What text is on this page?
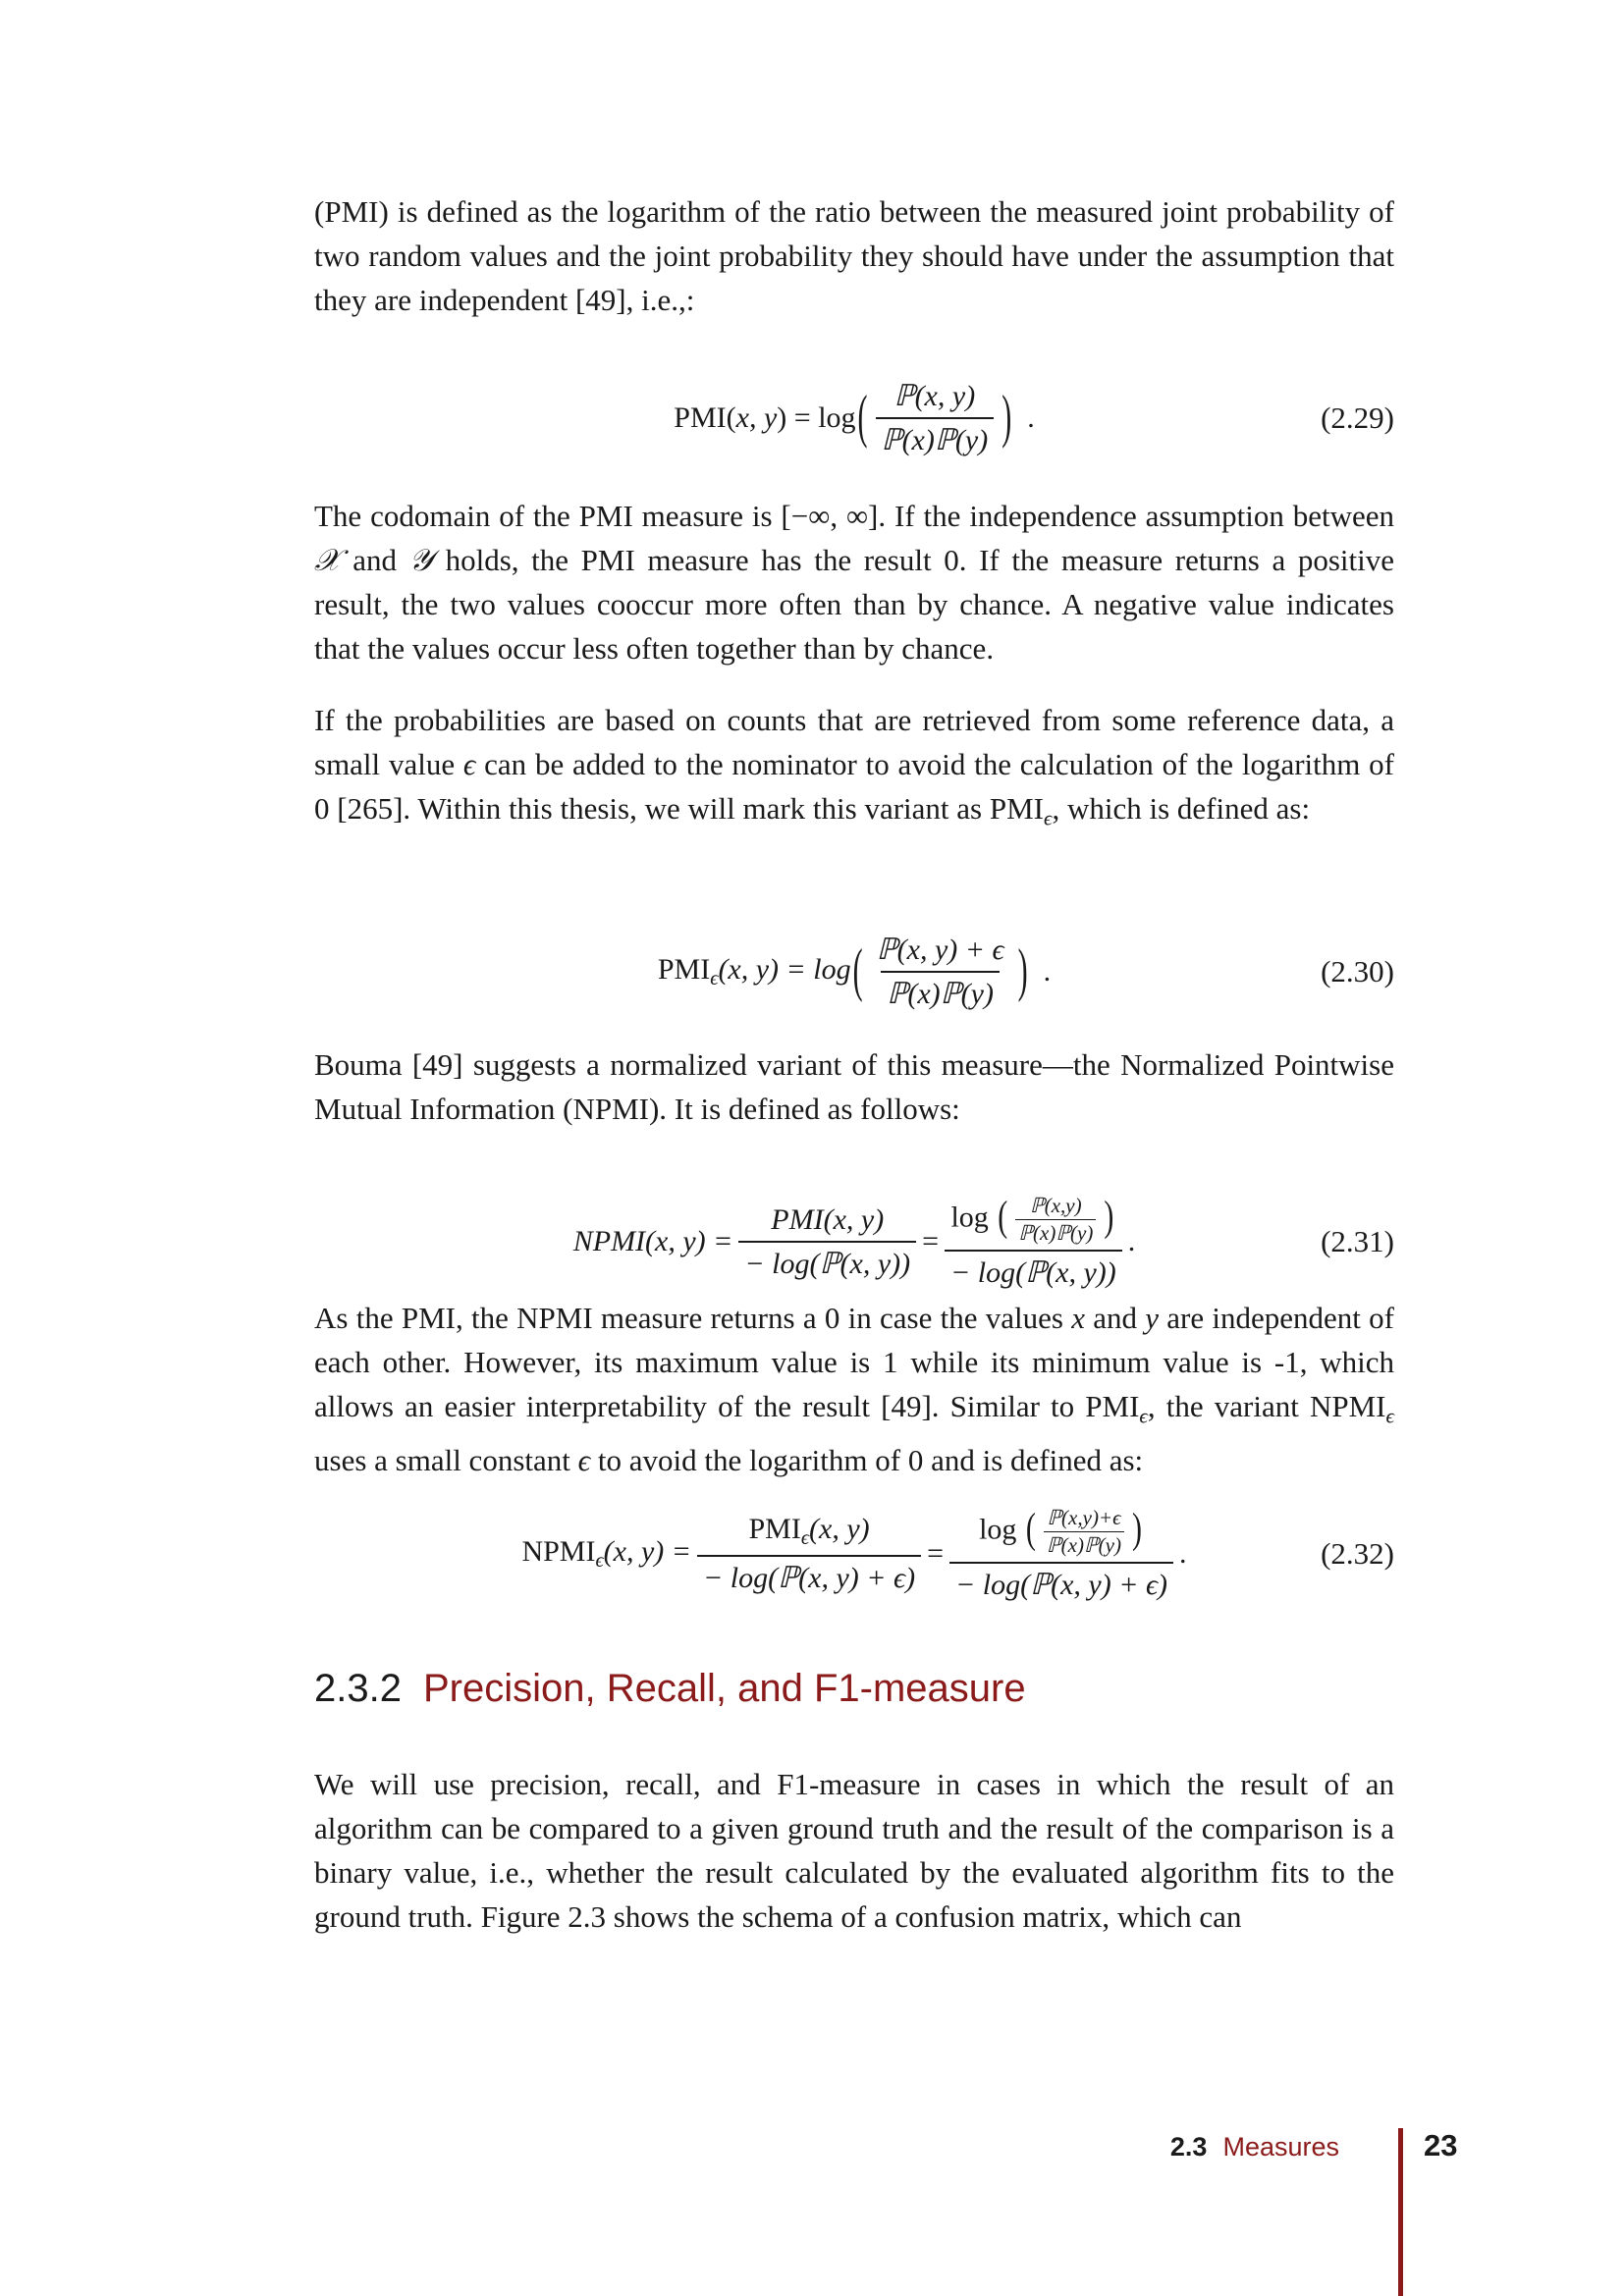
(PMI) is defined as the logarithm of the ratio between the measured joint probability of two random values and the joint probability they should have under the assumption that they are independent [49], i.e.,:

PMI(x, y) = log ( $\frac{\text{ℙ(x, y)}}{\text{ℙ(x)ℙ(y)}}$ ) .	(2.29)

The codomain of the PMI measure is [−∞, ∞]. If the independence assumption between 𝒳 and 𝒴 holds, the PMI measure has the result 0. If the measure returns a positive result, the two values cooccur more often than by chance. A negative value indicates that the values occur less often together than by chance.

If the probabilities are based on counts that are retrieved from some reference data, a small value ϵ can be added to the nominator to avoid the calculation of the logarithm of 0 [265]. Within this thesis, we will mark this variant as $PMI_\epsilon$, which is defined as:

$PMI_\epsilon(x$, y) = log ( $\frac{\text{ℙ(x, y) + ϵ}}{\text{ℙ(x)ℙ(y)}}$ ) .	(2.30)

Bouma [49] suggests a normalized variant of this measure—the Normalized Pointwise Mutual Information (NPMI). It is defined as follows:

NPMI(x, $y) = \frac{\text{PMI(x, y)}}{\text{− log(ℙ(x, y))}} = \frac{\log ( \frac{\text{ℙ(x,y)}}{\text{ℙ(x)ℙ(y)}} )}{\text{− log(ℙ(x, y))}}$ .	(2.31)

As the PMI, the NPMI measure returns a 0 in case the values x and y are independent of each other. However, its maximum value is 1 while its minimum value is -1, which allows an easier interpretability of the result [49]. Similar to $PMI_\epsilon$, the variant $NPMI_\epsilon$ uses a small constant ϵ to avoid the logarithm of 0 and is defined as:

$NPMI_\epsilon(x$, $y) = \frac{PMI_\epsilon(x, y)}{\text{− log(ℙ(x, y) + ϵ)}} = \frac{\log ( \frac{\text{ℙ(x,y)+ϵ}}{\text{ℙ(x)ℙ(y)}} )}{\text{− log(ℙ(x, y) + ϵ)}}$ .	(2.32)
2.3.2 Precision, Recall, and F1-measure

We will use precision, recall, and F1-measure in cases in which the result of an algorithm can be compared to a given ground truth and the result of the comparison is a binary value, i.e., whether the result calculated by the evaluated algorithm fits to the ground truth. Figure 2.3 shows the schema of a confusion matrix, which can

2.3 Measures	23
